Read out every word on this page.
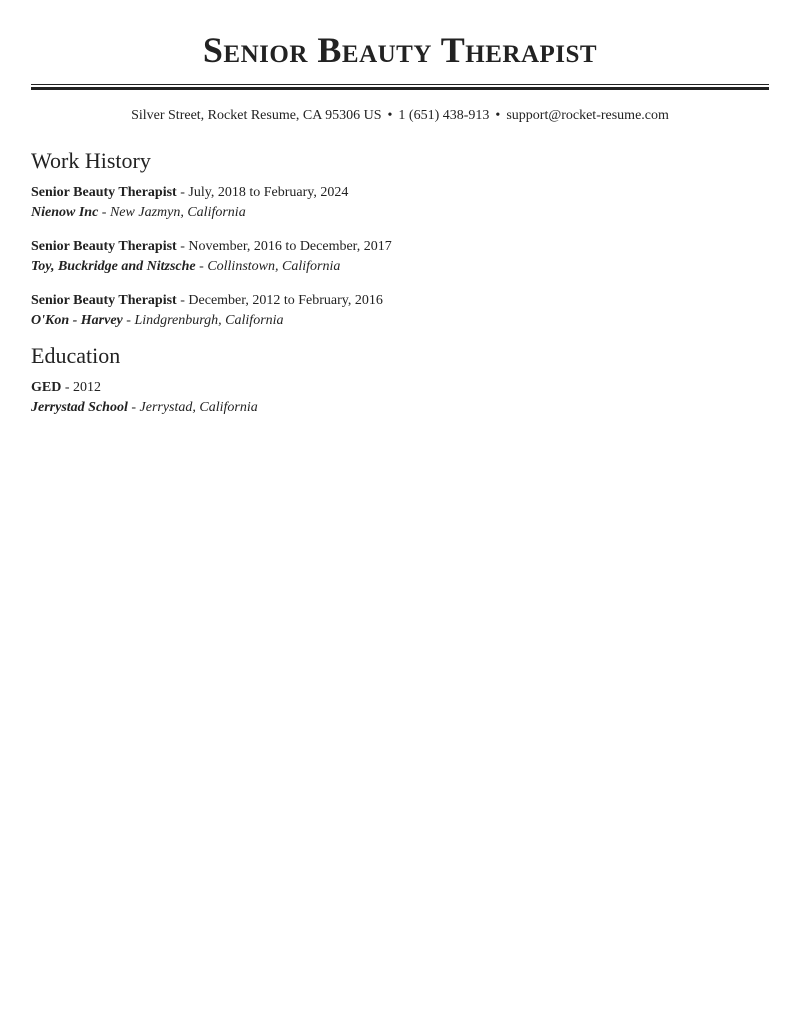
Senior Beauty Therapist
Silver Street, Rocket Resume, CA 95306 US • 1 (651) 438-913 • support@rocket-resume.com
Work History
Senior Beauty Therapist - July, 2018 to February, 2024
Nienow Inc - New Jazmyn, California
Senior Beauty Therapist - November, 2016 to December, 2017
Toy, Buckridge and Nitzsche - Collinstown, California
Senior Beauty Therapist - December, 2012 to February, 2016
O'Kon - Harvey - Lindgrenburgh, California
Education
GED - 2012
Jerrystad School - Jerrystad, California
